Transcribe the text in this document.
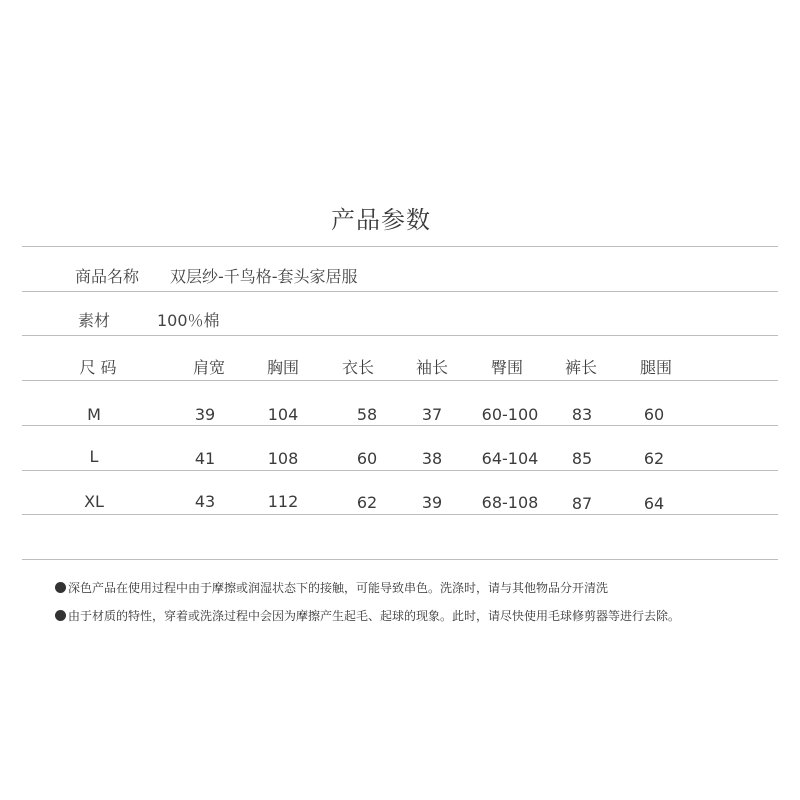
产品参数
商品名称 双层纱-千鸟格-套头家居服
素材	100％棉
尺 码	肩宽	胸围	衣长	袖长	臀围	裤长	腿围
M	39	104	58	37	60-100	83	60
L	41	108	60	38	64-104	85	62
XL	43	112	62	39	68-108	87	64
深色产品在使用过程中由于摩擦或润湿状态下的接触，可能导致串色。洗涤时，请与其他物品分开清洗
由于材质的特性，穿着或洗涤过程中会因为摩擦产生起毛、起球的现象。此时，请尽快使用毛球修剪器等进行去除。
